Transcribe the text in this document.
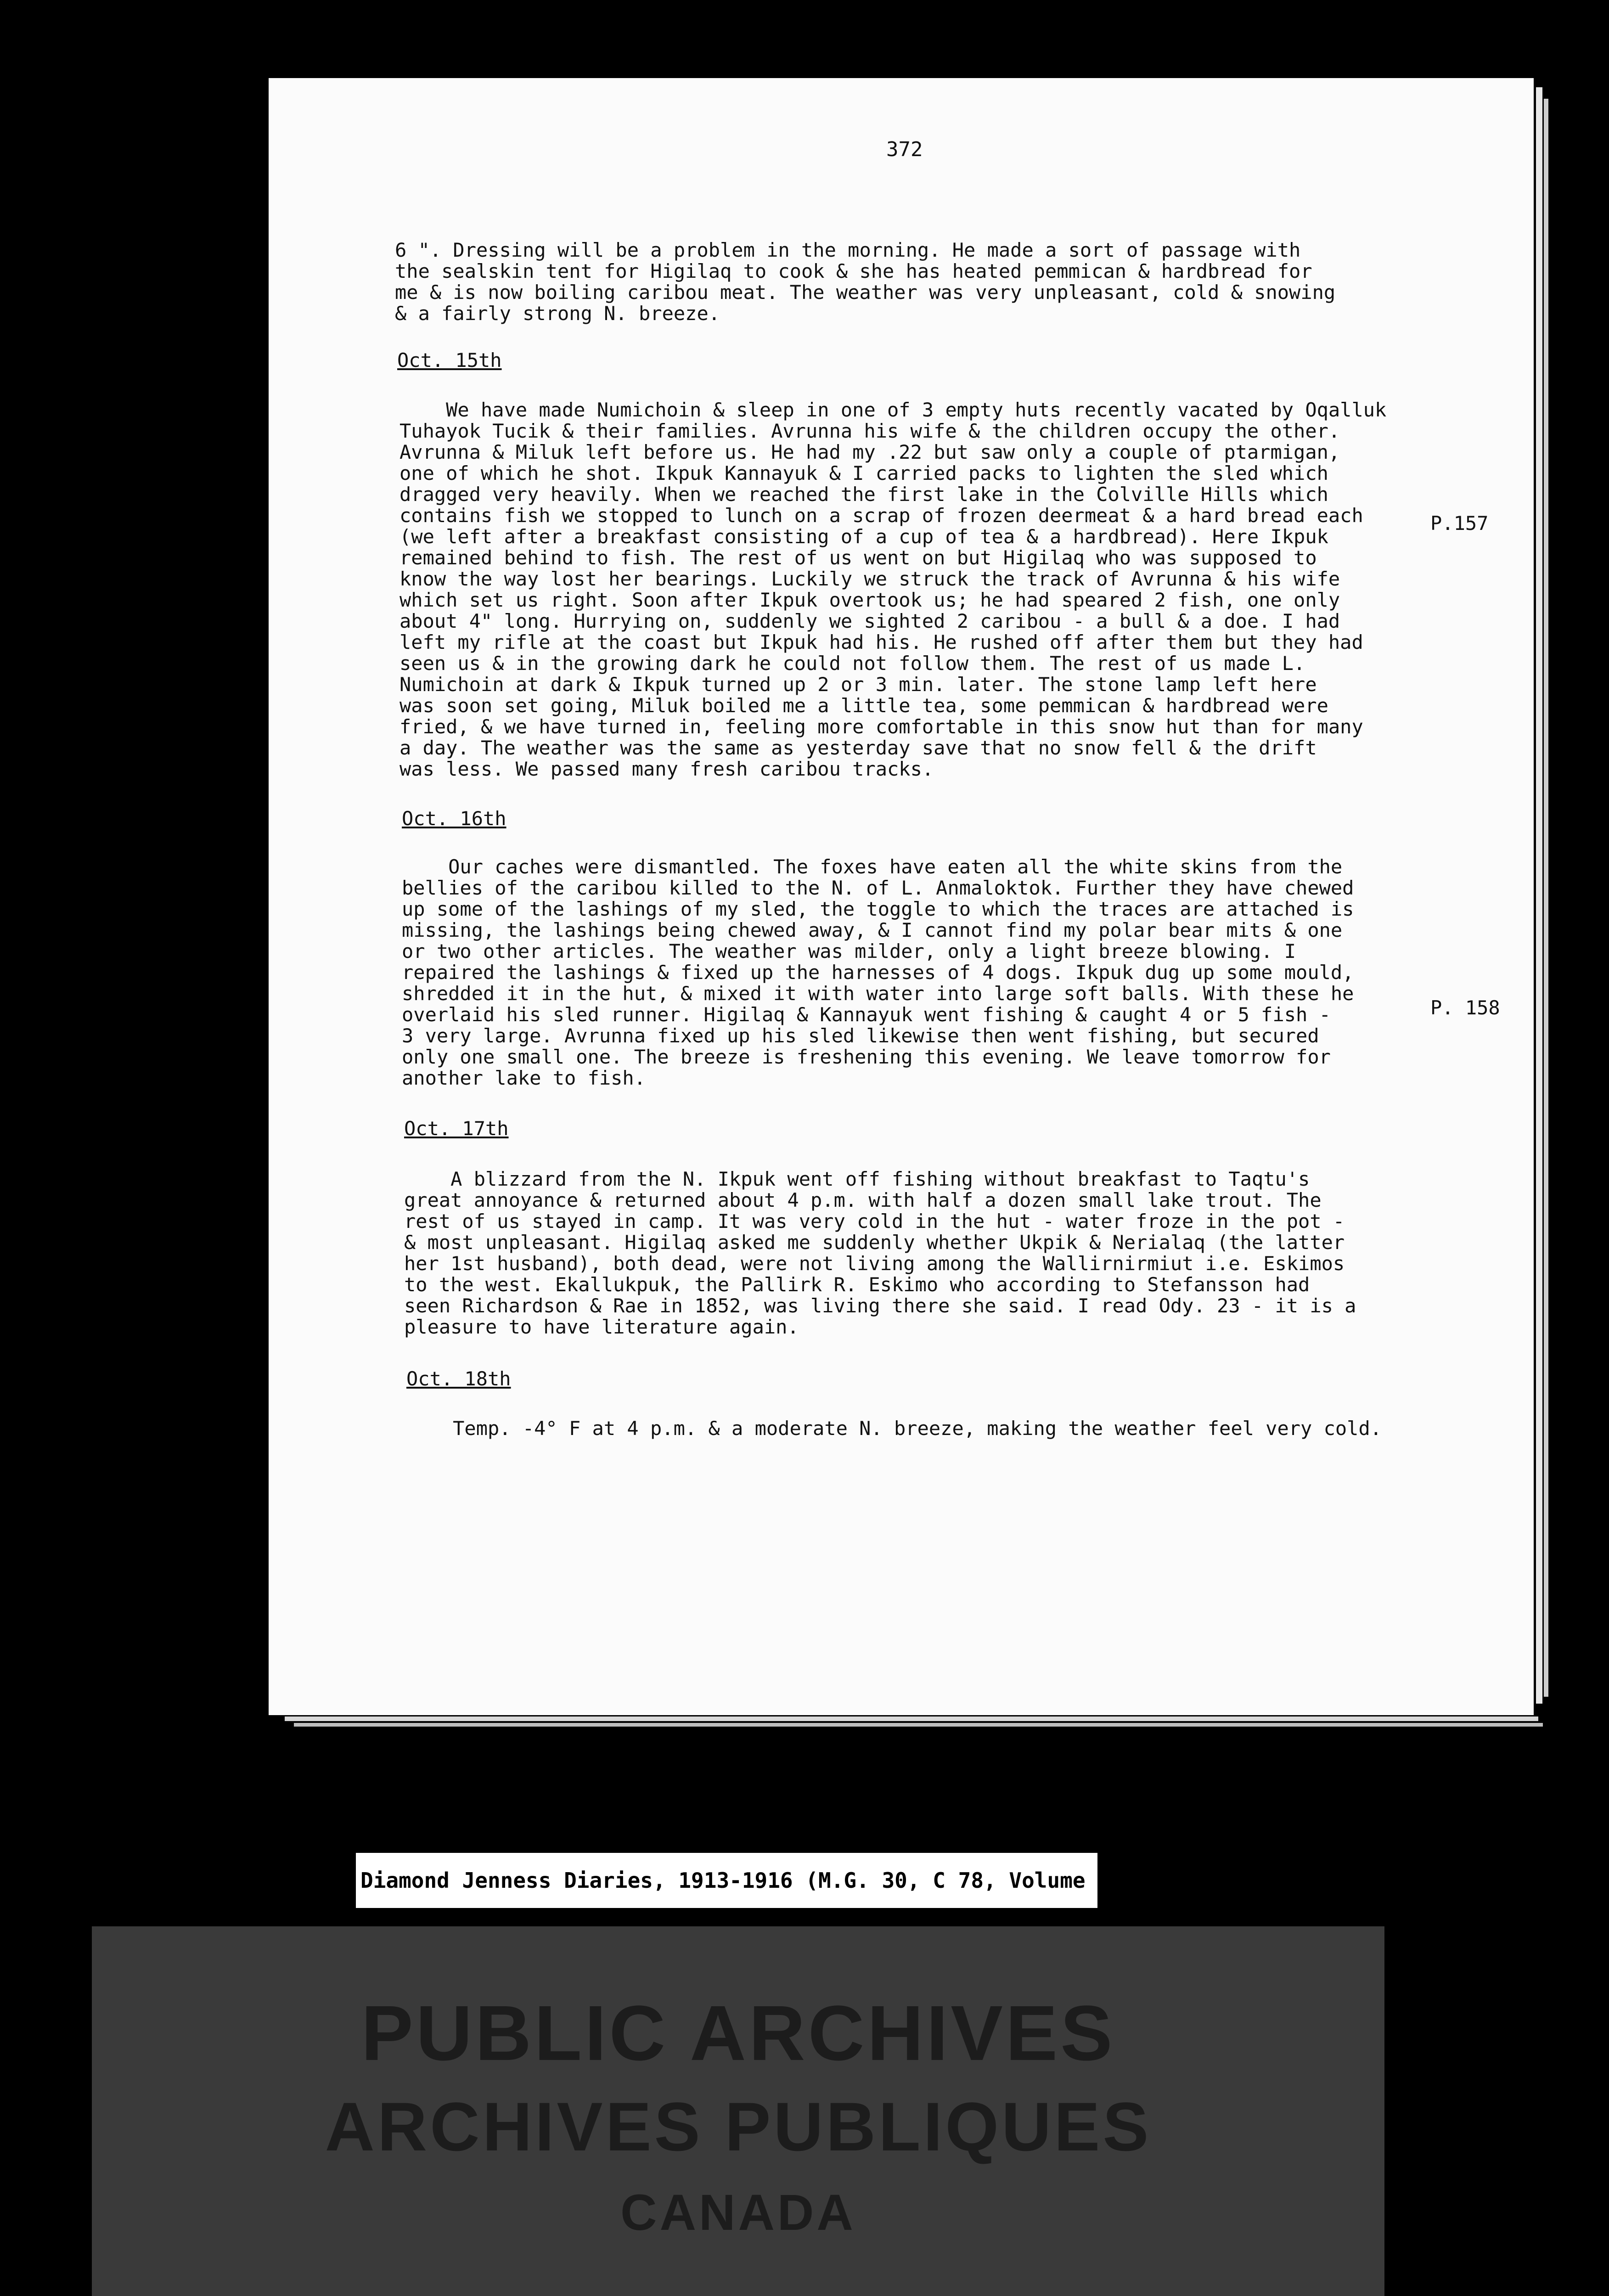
372
6 ". Dressing will be a problem in the morning. He made a sort of passage with
the sealskin tent for Higilaq to cook & she has heated pemmican & hardbread for
me & is now boiling caribou meat. The weather was very unpleasant, cold & snowing
& a fairly strong N. breeze.
Oct. 15th
We have made Numichoin & sleep in one of 3 empty huts recently vacated by Oqalluk
Tuhayok Tucik & their families. Avrunna his wife & the children occupy the other.
Avrunna & Miluk left before us. He had my .22 but saw only a couple of ptarmigan,
one of which he shot. Ikpuk Kannayuk & I carried packs to lighten the sled which
dragged very heavily. When we reached the first lake in the Colville Hills which
contains fish we stopped to lunch on a scrap of frozen deermeat & a hard bread each
(we left after a breakfast consisting of a cup of tea & a hardbread). Here Ikpuk
remained behind to fish. The rest of us went on but Higilaq who was supposed to
know the way lost her bearings. Luckily we struck the track of Avrunna & his wife
which set us right. Soon after Ikpuk overtook us; he had speared 2 fish, one only
about 4" long. Hurrying on, suddenly we sighted 2 caribou - a bull & a doe. I had
left my rifle at the coast but Ikpuk had his. He rushed off after them but they had
seen us & in the growing dark he could not follow them. The rest of us made L.
Numichoin at dark & Ikpuk turned up 2 or 3 min. later. The stone lamp left here
was soon set going, Miluk boiled me a little tea, some pemmican & hardbread were
fried, & we have turned in, feeling more comfortable in this snow hut than for many
a day. The weather was the same as yesterday save that no snow fell & the drift
was less. We passed many fresh caribou tracks.
Oct. 16th
Our caches were dismantled. The foxes have eaten all the white skins from the
bellies of the caribou killed to the N. of L. Anmaloktok. Further they have chewed
up some of the lashings of my sled, the toggle to which the traces are attached is
missing, the lashings being chewed away, & I cannot find my polar bear mits & one
or two other articles. The weather was milder, only a light breeze blowing. I
repaired the lashings & fixed up the harnesses of 4 dogs. Ikpuk dug up some mould,
shredded it in the hut, & mixed it with water into large soft balls. With these he
overlaid his sled runner. Higilaq & Kannayuk went fishing & caught 4 or 5 fish -
3 very large. Avrunna fixed up his sled likewise then went fishing, but secured
only one small one. The breeze is freshening this evening. We leave tomorrow for
another lake to fish.
Oct. 17th
A blizzard from the N. Ikpuk went off fishing without breakfast to Taqtu's
great annoyance & returned about 4 p.m. with half a dozen small lake trout. The
rest of us stayed in camp. It was very cold in the hut - water froze in the pot -
& most unpleasant. Higilaq asked me suddenly whether Ukpik & Nerialaq (the latter
her 1st husband), both dead, were not living among the Wallirnirmiut i.e. Eskimos
to the west. Ekallukpuk, the Pallirk R. Eskimo who according to Stefansson had
seen Richardson & Rae in 1852, was living there she said. I read Ody. 23 - it is a
pleasure to have literature again.
Oct. 18th
Temp. -4° F at 4 p.m. & a moderate N. breeze, making the weather feel very cold.
P.157
P. 158
Diamond Jenness Diaries, 1913-1916 (M.G. 30, C 78, Volume 2)
PUBLIC ARCHIVES
ARCHIVES PUBLIQUES
CANADA
